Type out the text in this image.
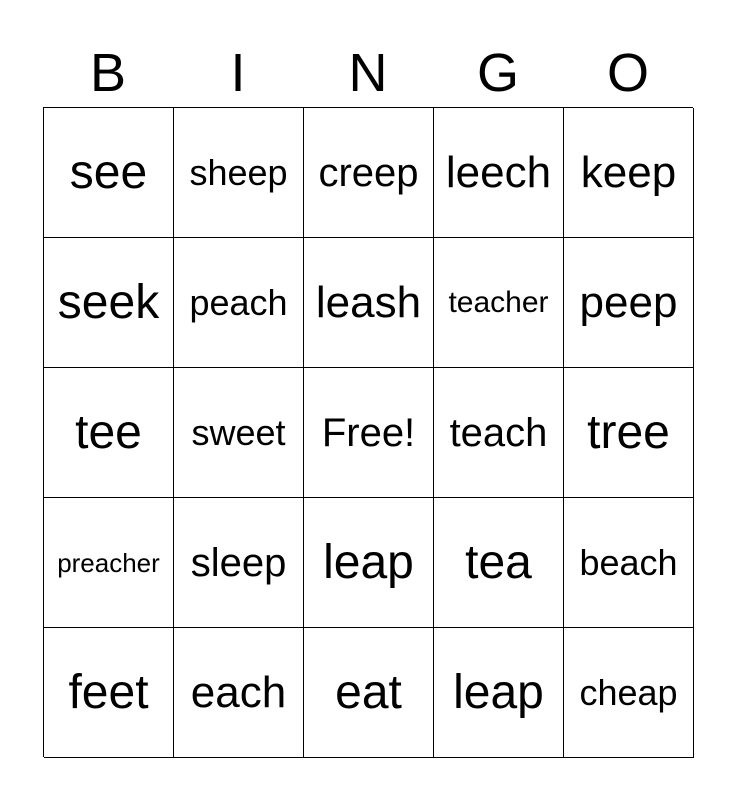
B	I	N	G	O
see sheep creep leech keep
seek peach leash teacher peep
tee sweet Free! teach tree
preacher sleep leap tea beach
feet each eat leap cheap
